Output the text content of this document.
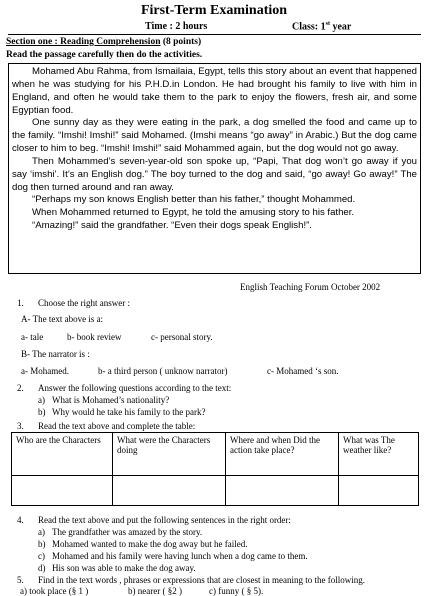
First-Term Examination
Time : 2 hours	Class: 1st year
Section one : Reading Comprehension (8 points)
Read the passage carefully then do the activities.

Mohamed Abu Rahma, from Ismailaia, Egypt, tells this story about an event that happened when he was studying for his P.H.D.in London. He had brought his family to live with him in England, and often he would take them to the park to enjoy the flowers, fresh air, and some Egyptian food.

One sunny day as they were eating in the park, a dog smelled the food and came up to the family. “Imshi! Imshi!” said Mohamed. (Imshi means “go away” in Arabic.) But the dog came closer to him to beg. “Imshi! Imshi!” said Mohammed again, but the dog would not go away.

Then Mohammed’s seven-year-old son spoke up, “Papi, That dog won’t go away if you say ‘imshi’. It’s an English dog.” The boy turned to the dog and said, “go away! Go away!” The dog then turned around and ran away.

“Perhaps my son knows English better than his father,” thought Mohammed.

When Mohammed returned to Egypt, he told the amusing story to his father.

“Amazing!” said the grandfather. “Even their dogs speak English!”.

English Teaching Forum October 2002
1. Choose the right answer :
A- The text above is a:
a- tale	b- book review	c- personal story.
B- The narrator is :
a- Mohamed.	b- a third person ( unknow narrator)	c- Mohamed ‘s son.
2. Answer the following questions according to the text:
a) What is Mohamed’s nationality?
b) Why would he take his family to the park?
3. Read the text above and complete the table:
Who are the Characters	What were the Characters doing	Where and when Did the action take place?	What was The weather like?

4. Read the text above and put the following sentences in the right order:
a) The grandfather was amazed by the story.
b) Mohamed wanted to make the dog away but he failed.
c) Mohamed and his family were having lunch when a dog came to them.
d) His son was able to make the dog away.
5. Find in the text words , phrases or expressions that are closest in meaning to the following.
a) took place (§ 1 )	b) nearer ( §2 )	c) funny ( § 5).
